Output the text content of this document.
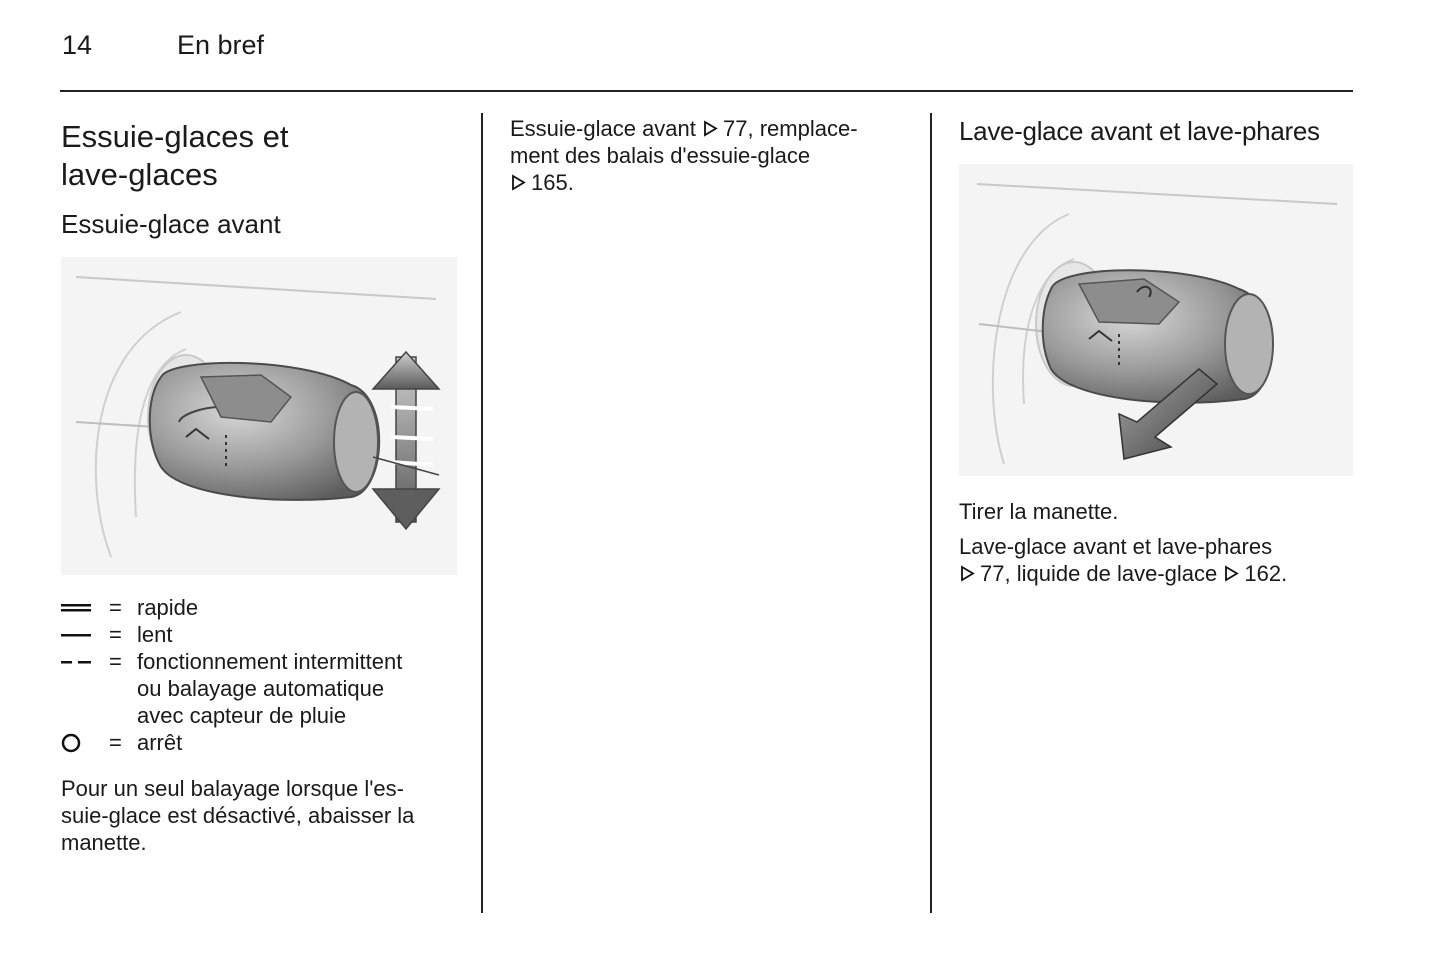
14	En bref
Essuie-glaces et
lave-glaces
Essuie-glace avant
= rapide
= lent
= fonctionnement intermittent
ou balayage automatique
avec capteur de pluie
= arrêt
Pour un seul balayage lorsque l'es-
suie-glace est désactivé, abaisser la
manette.
Essuie-glace avant 77, remplace-
ment des balais d'essuie-glace
165.
Lave-glace avant et lave-phares
Tirer la manette.
Lave-glace avant et lave-phares
77, liquide de lave-glace 162.
